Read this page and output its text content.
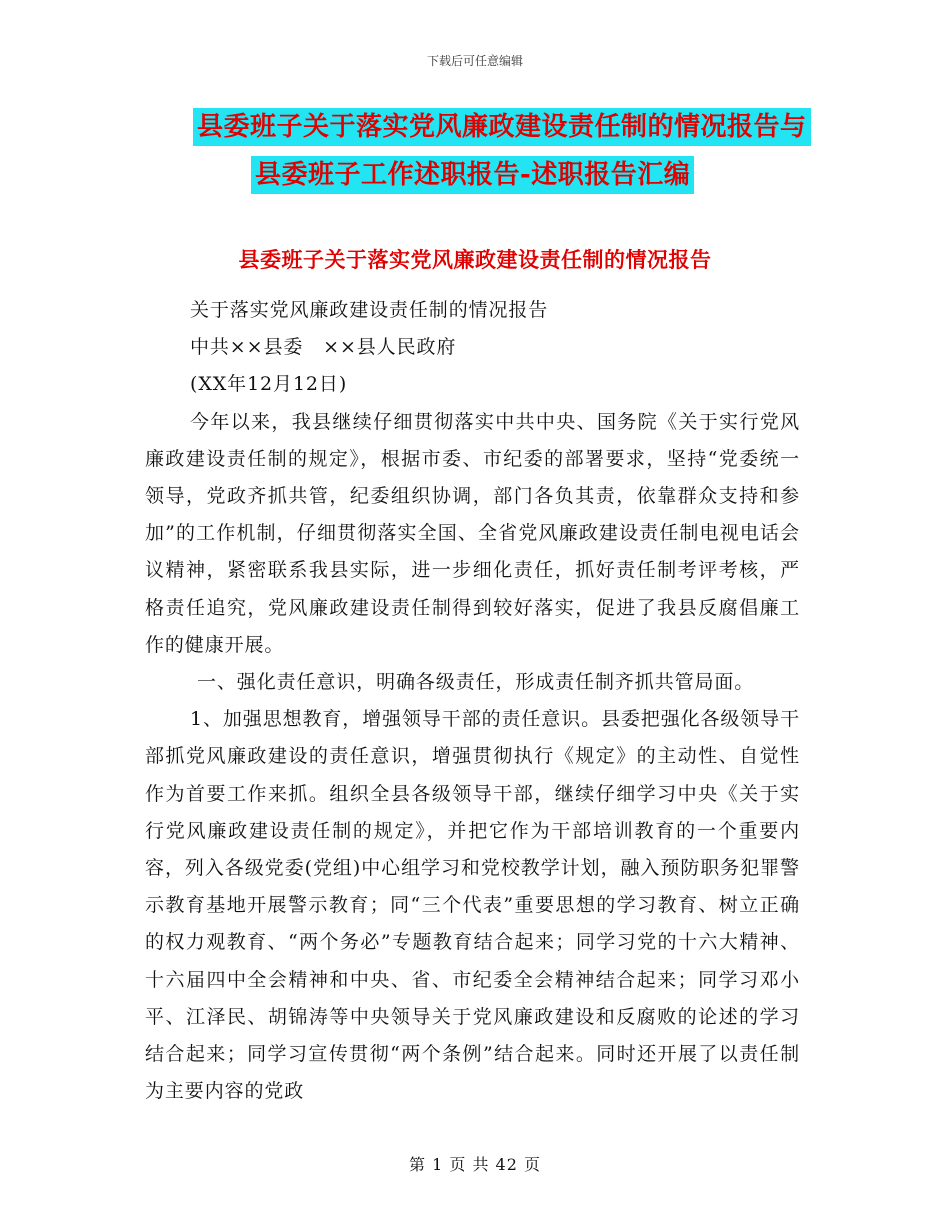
下载后可任意编辑
县委班子关于落实党风廉政建设责任制的情况报告与
县委班子工作述职报告-述职报告汇编
县委班子关于落实党风廉政建设责任制的情况报告

关于落实党风廉政建设责任制的情况报告

中共××县委　××县人民政府

(XX年12月12日)

今年以来，我县继续仔细贯彻落实中共中央、国务院《关于实行党风廉政建设责任制的规定》，根据市委、市纪委的部署要求，坚持“党委统一领导，党政齐抓共管，纪委组织协调，部门各负其责，依靠群众支持和参加”的工作机制，仔细贯彻落实全国、全省党风廉政建设责任制电视电话会议精神，紧密联系我县实际，进一步细化责任，抓好责任制考评考核，严格责任追究，党风廉政建设责任制得到较好落实，促进了我县反腐倡廉工作的健康开展。

一、强化责任意识，明确各级责任，形成责任制齐抓共管局面。

1、加强思想教育，增强领导干部的责任意识。县委把强化各级领导干部抓党风廉政建设的责任意识，增强贯彻执行《规定》的主动性、自觉性作为首要工作来抓。组织全县各级领导干部，继续仔细学习中央《关于实行党风廉政建设责任制的规定》，并把它作为干部培训教育的一个重要内容，列入各级党委(党组)中心组学习和党校教学计划，融入预防职务犯罪警示教育基地开展警示教育；同“三个代表”重要思想的学习教育、树立正确的权力观教育、“两个务必”专题教育结合起来；同学习党的十六大精神、十六届四中全会精神和中央、省、市纪委全会精神结合起来；同学习邓小平、江泽民、胡锦涛等中央领导关于党风廉政建设和反腐败的论述的学习结合起来；同学习宣传贯彻“两个条例”结合起来。同时还开展了以责任制为主要内容的党政

第 1 页 共 42 页
